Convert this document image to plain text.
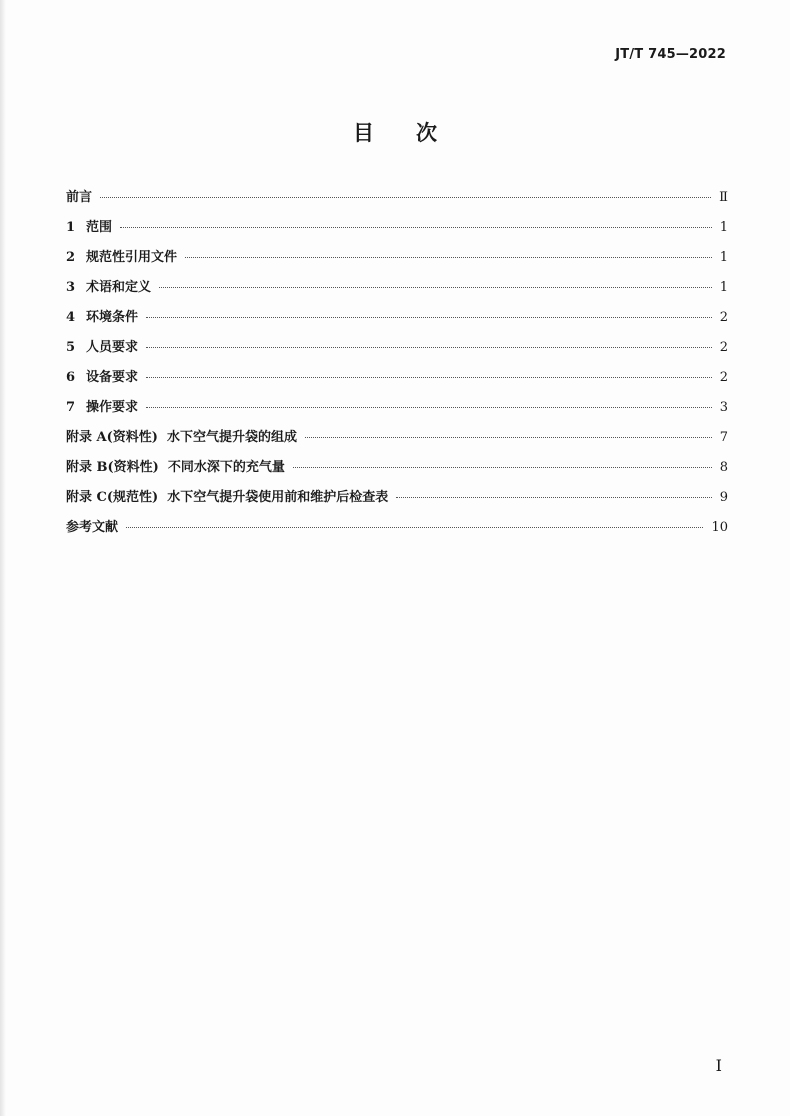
JT/T 745—2022
目次
前言	Ⅱ
1 范围	1
2 规范性引用文件	1
3 术语和定义	1
4 环境条件	2
5 人员要求	2
6 设备要求	2
7 操作要求	3
附录 A(资料性)  水下空气提升袋的组成	7
附录 B(资料性)  不同水深下的充气量	8
附录 C(规范性)  水下空气提升袋使用前和维护后检查表	9
参考文献	10
I
